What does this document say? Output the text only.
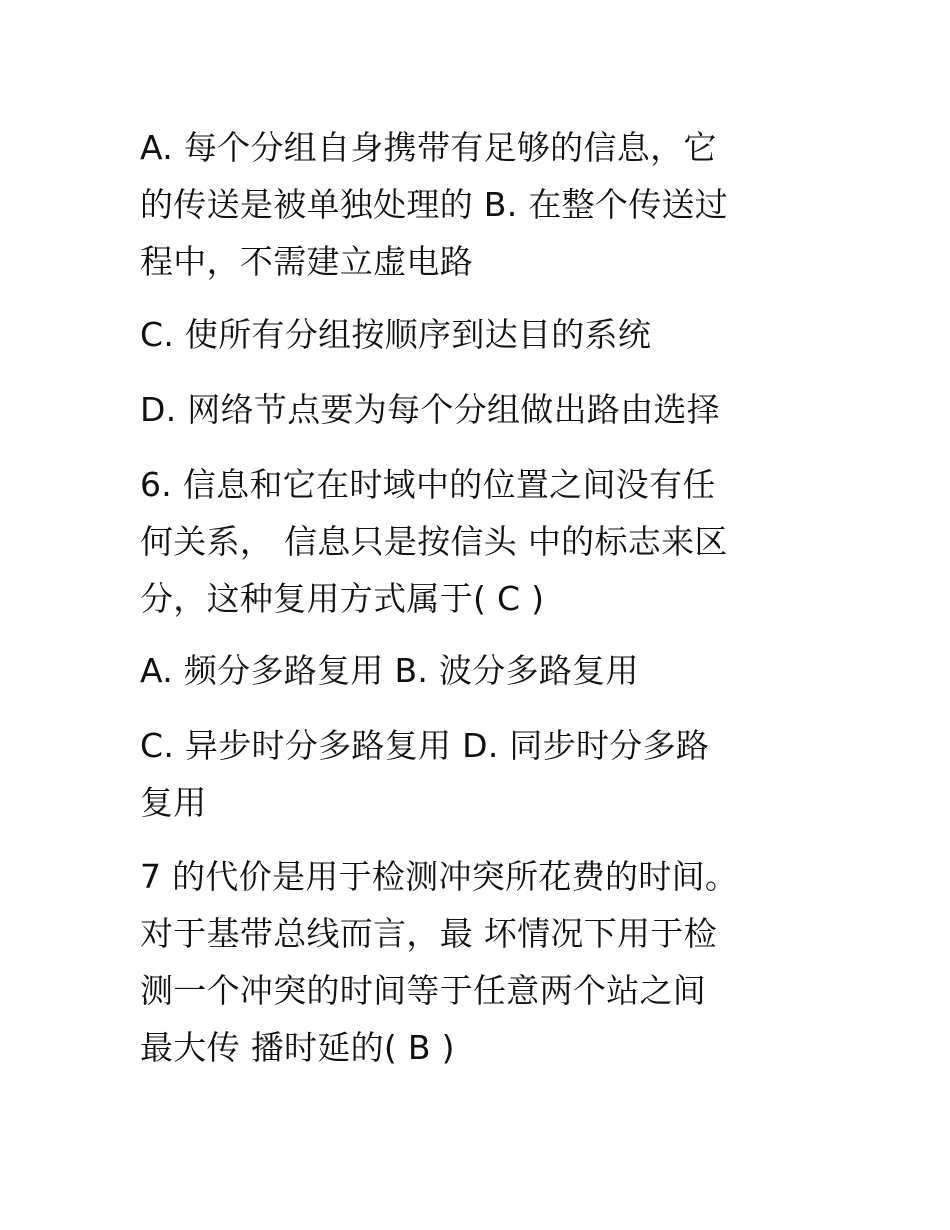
A. 每个分组自身携带有足够的信息，它
的传送是被单独处理的 B. 在整个传送过
程中，不需建立虚电路

C. 使所有分组按顺序到达目的系统

D. 网络节点要为每个分组做出路由选择

6. 信息和它在时域中的位置之间没有任
何关系， 信息只是按信头 中的标志来区
分，这种复用方式属于( C )

A. 频分多路复用 B. 波分多路复用

C. 异步时分多路复用 D. 同步时分多路
复用

7 的代价是用于检测冲突所花费的时间。
对于基带总线而言，最 坏情况下用于检
测一个冲突的时间等于任意两个站之间
最大传 播时延的( B )
